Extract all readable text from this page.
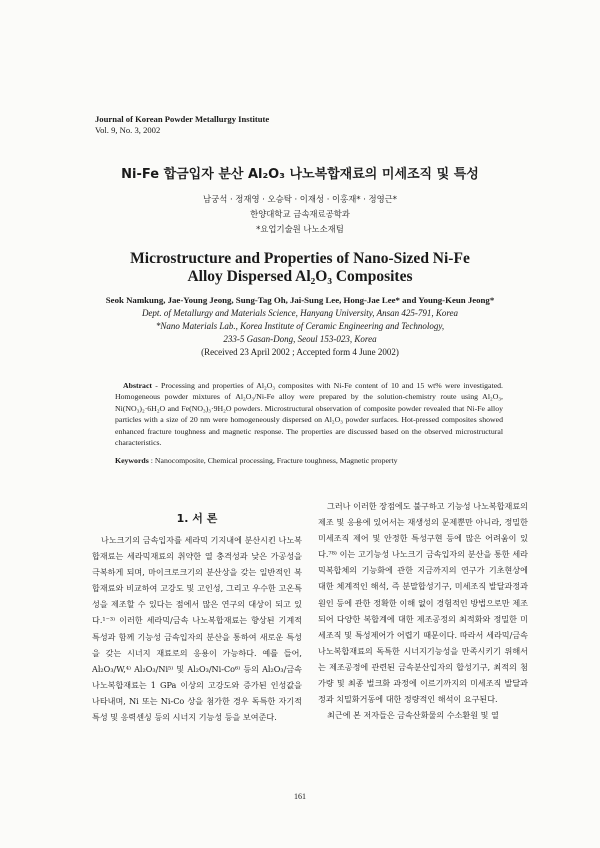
Journal of Korean Powder Metallurgy Institute
Vol. 9, No. 3, 2002
Ni-Fe 합금입자 분산 Al₂O₃ 나노복합재료의 미세조직 및 특성
남궁석 · 정재영 · 오승탁 · 이재성 · 이홍재* · 정영근*
한양대학교 금속재료공학과
*요업기술원 나노소재팀
Microstructure and Properties of Nano-Sized Ni-Fe
Alloy Dispersed Al₂O₃ Composites
Seok Namkung, Jae-Young Jeong, Sung-Tag Oh, Jai-Sung Lee, Hong-Jae Lee* and Young-Keun Jeong*
Dept. of Metallurgy and Materials Science, Hanyang University, Ansan 425-791, Korea
*Nano Materials Lab., Korea Institute of Ceramic Engineering and Technology,
233-5 Gasan-Dong, Seoul 153-023, Korea
(Received 23 April 2002 ; Accepted form 4 June 2002)
Abstract - Processing and properties of Al₂O₃ composites with Ni-Fe content of 10 and 15 wt% were investigated. Homogeneous powder mixtures of Al₂O₃/Ni-Fe alloy were prepared by the solution-chemistry route using Al₂O₃, Ni(NO₃)₂·6H₂O and Fe(NO₃)₃·9H₂O powders. Microstructural observation of composite powder revealed that Ni-Fe alloy particles with a size of 20 nm were homogeneously dispersed on Al₂O₃ powder surfaces. Hot-pressed composites showed enhanced fracture toughness and magnetic response. The properties are discussed based on the observed microstructural characteristics.
Keywords : Nanocomposite, Chemical processing, Fracture toughness, Magnetic property
1. 서 론

나노크기의 금속입자를 세라믹 기지내에 분산시킨 나노복합재료는 세라믹재료의 취약한 열 충격성과 낮은 가공성을 극복하게 되며, 마이크로크기의 분산상을 갖는 일반적인 복합재료와 비교하여 고강도 및 고인성, 그리고 우수한 고온특성을 제조할 수 있다는 점에서 많은 연구의 대상이 되고 있다.¹⁻³⁾ 이러한 세라믹/금속 나노복합재료는 향상된 기계적 특성과 함께 기능성 금속입자의 분산을 통하여 새로운 특성을 갖는 시너지 재료로의 응용이 가능하다. 예를 들어, Al₂O₃/W,⁴⁾ Al₂O₃/Ni⁵⁾ 및 Al₂O₃/Ni-Co⁶⁾ 등의 Al₂O₃/금속 나노복합재료는 1 GPa 이상의 고강도와 증가된 인성값을 나타내며, Ni 또는 Ni-Co 상을 첨가한 경우 독특한 자기적 특성 및 응력센싱 등의 시너지 기능성 등을 보여준다.

그러나 이러한 장점에도 불구하고 기능성 나노복합재료의 제조 및 응용에 있어서는 재생성의 문제뿐만 아니라, 정밀한 미세조직 제어 및 안정한 특성구현 등에 많은 어려움이 있다.⁷⁸⁾ 이는 고기능성 나노크기 금속입자의 분산을 통한 세라믹복합체의 기능화에 관한 지금까지의 연구가 기초현상에 대한 체계적인 해석, 즉 분말합성기구, 미세조직 발달과정과 원인 등에 관한 정확한 이해 없이 경험적인 방법으로만 제조되어 다양한 복합계에 대한 제조공정의 최적화와 정밀한 미세조직 및 특성제어가 어렵기 때문이다. 따라서 세라믹/금속 나노복합재료의 독특한 시너지기능성을 만족시키기 위해서는 제조공정에 관련된 금속분산입자의 합성기구, 최적의 첨가량 및 최종 벌크화 과정에 이르기까지의 미세조직 발달과정과 치밀화거동에 대한 정량적인 해석이 요구된다.

최근에 본 저자들은 금속산화물의 수소환원 및 열

161
